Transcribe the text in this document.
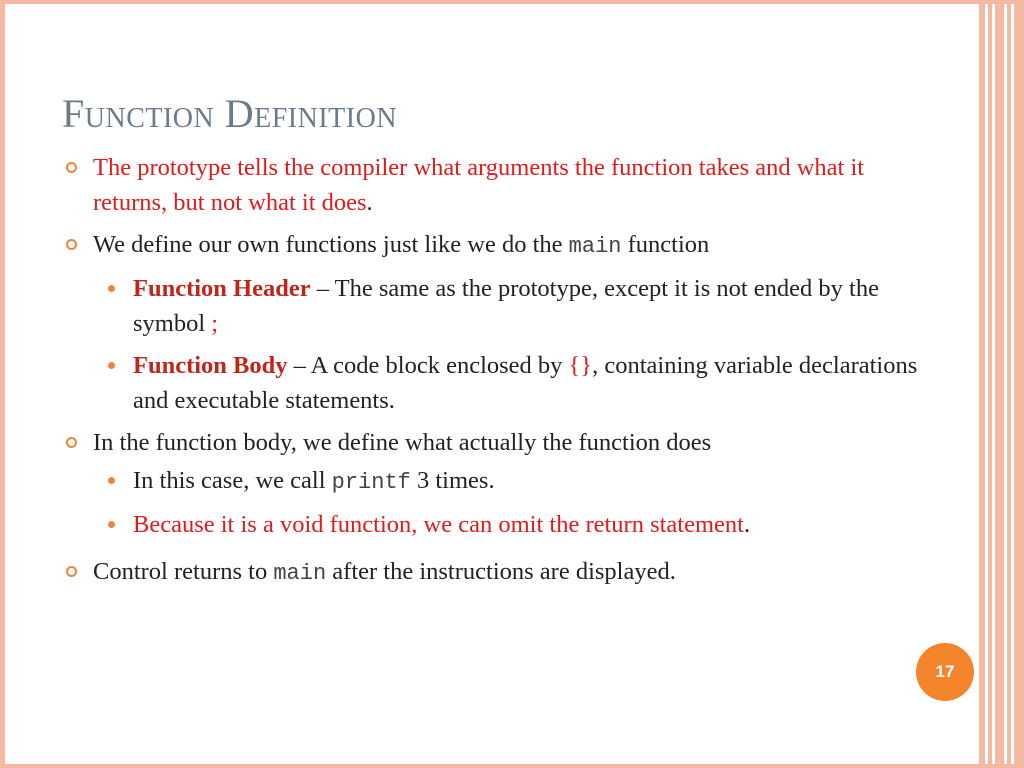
Function Definition

The prototype tells the compiler what arguments the function takes and what it returns, but not what it does.

We define our own functions just like we do the main function

Function Header – The same as the prototype, except it is not ended by the symbol ;

Function Body – A code block enclosed by {}, containing variable declarations and executable statements.

In the function body, we define what actually the function does

In this case, we call printf 3 times.

Because it is a void function, we can omit the return statement.

Control returns to main after the instructions are displayed.

17
